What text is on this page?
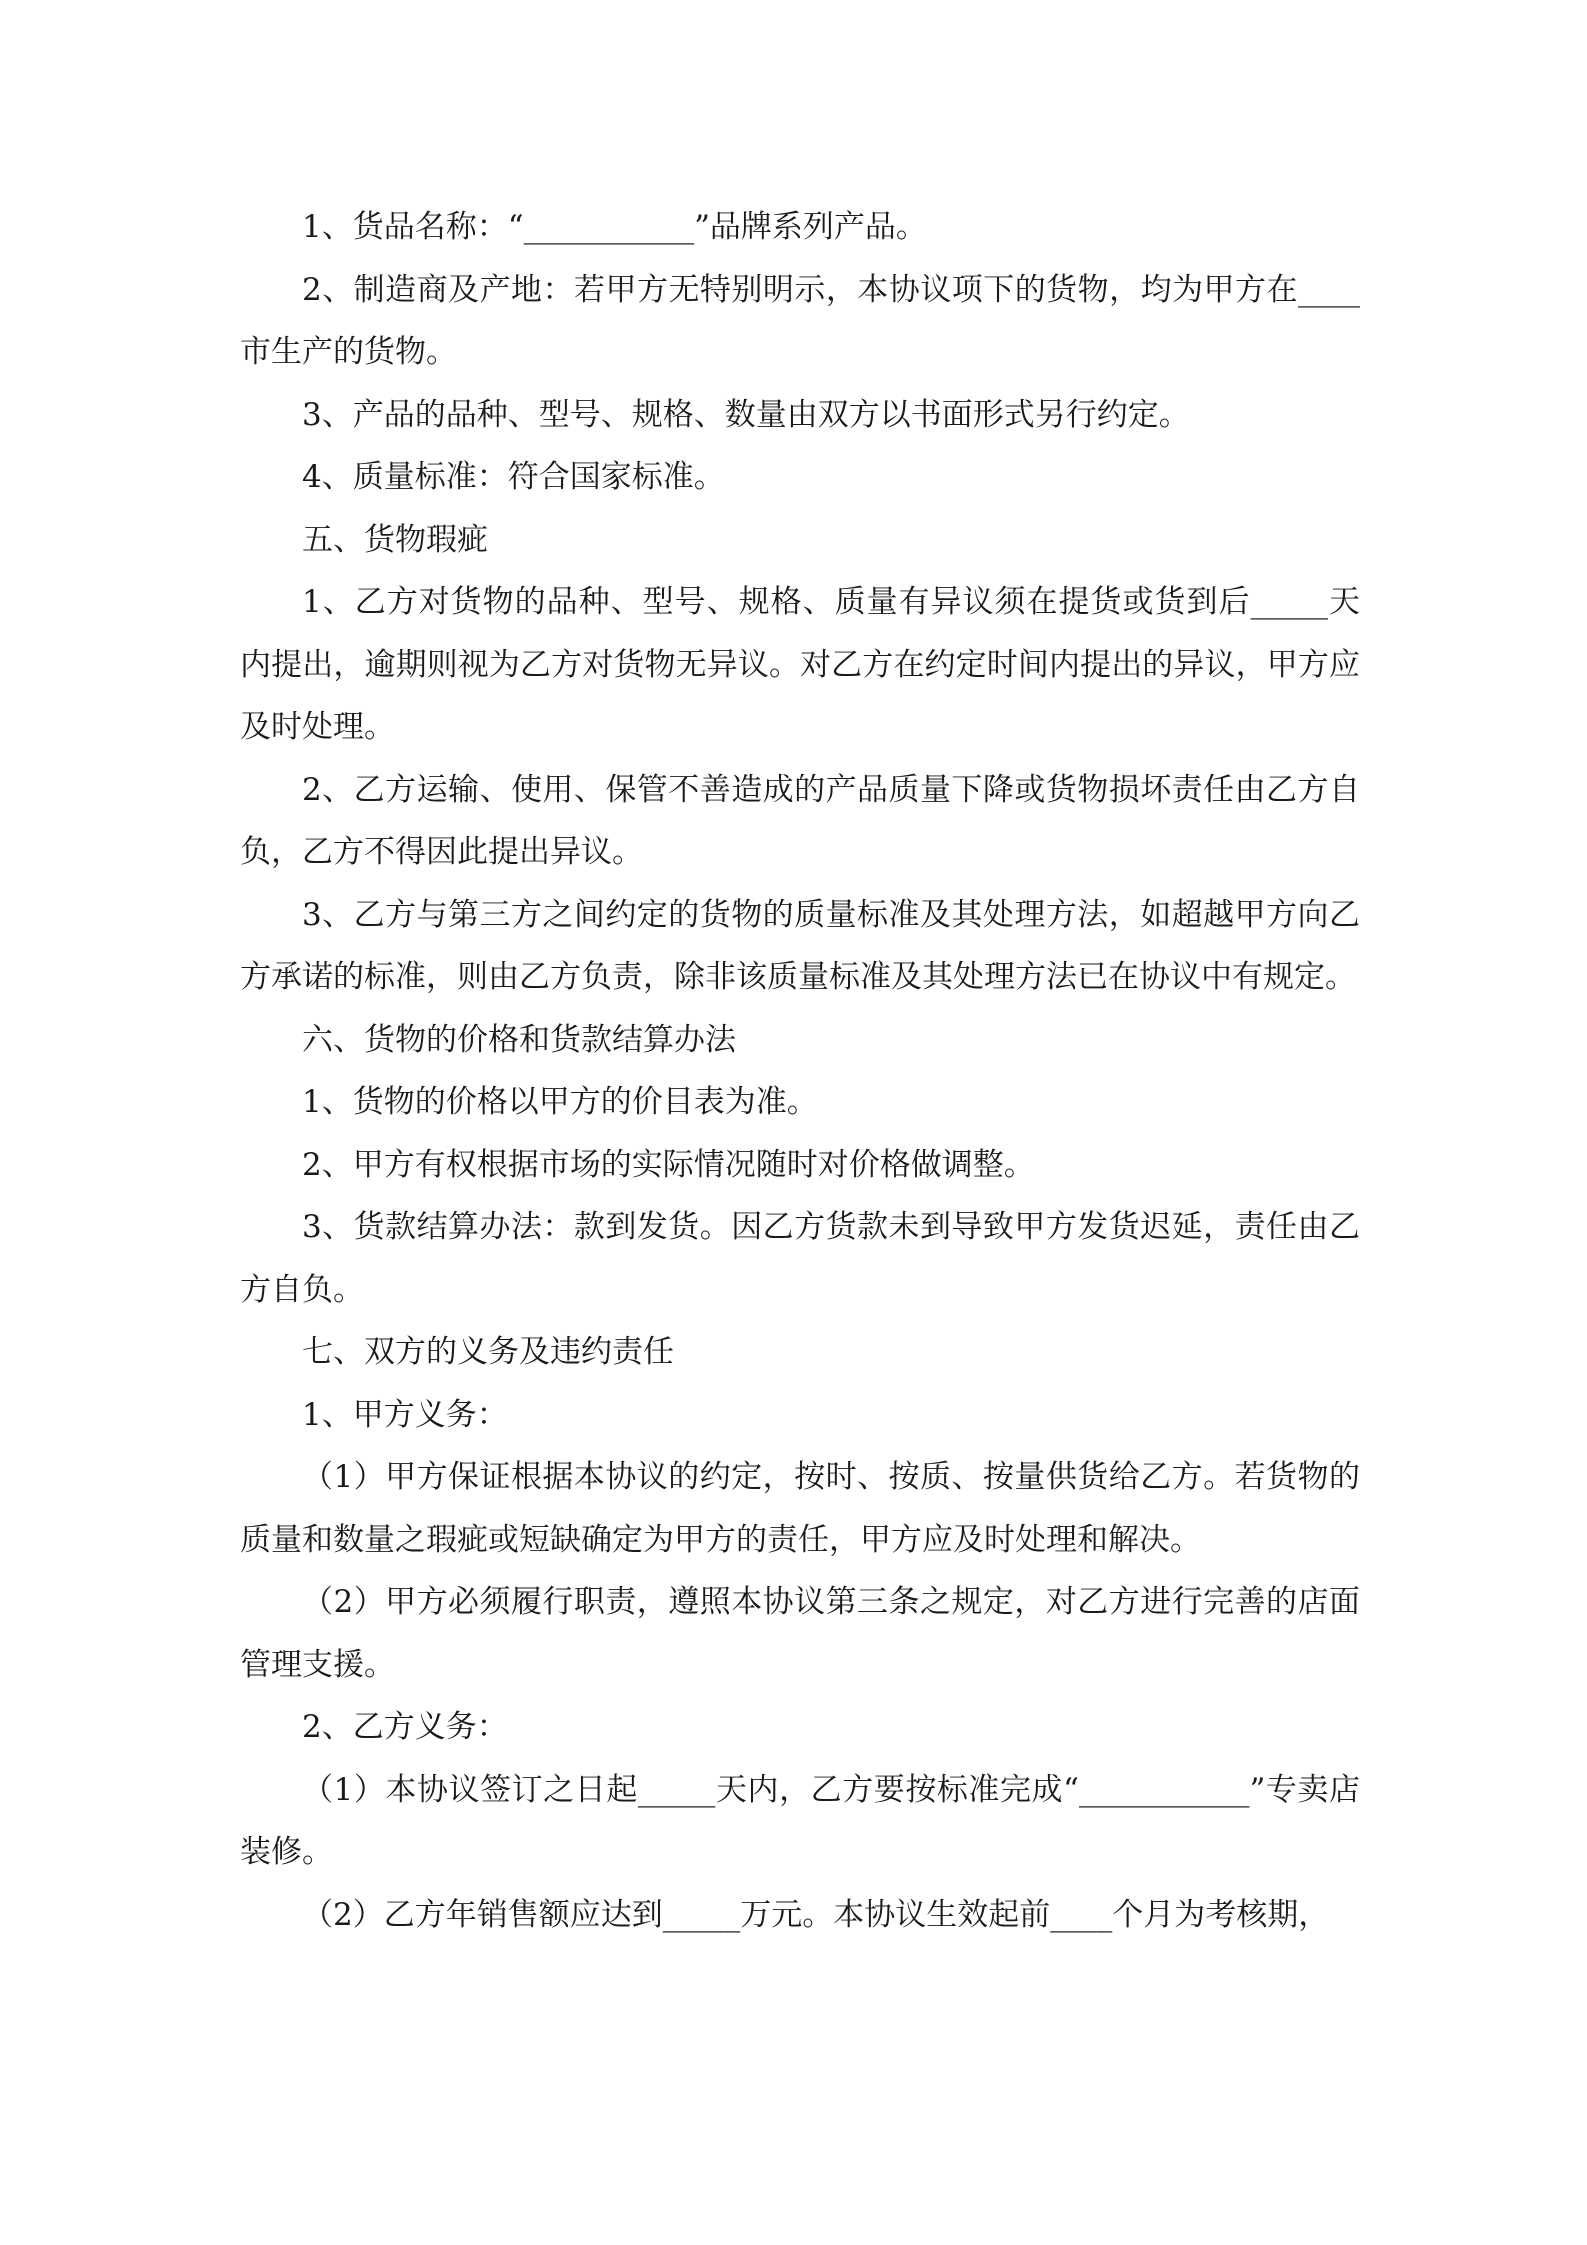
1、货品名称：“___________”品牌系列产品。

2、制造商及产地：若甲方无特别明示，本协议项下的货物，均为甲方在____市生产的货物。

3、产品的品种、型号、规格、数量由双方以书面形式另行约定。

4、质量标准：符合国家标准。

五、货物瑕疵

1、乙方对货物的品种、型号、规格、质量有异议须在提货或货到后_____天内提出，逾期则视为乙方对货物无异议。对乙方在约定时间内提出的异议，甲方应及时处理。

2、乙方运输、使用、保管不善造成的产品质量下降或货物损坏责任由乙方自负，乙方不得因此提出异议。

3、乙方与第三方之间约定的货物的质量标准及其处理方法，如超越甲方向乙方承诺的标准，则由乙方负责，除非该质量标准及其处理方法已在协议中有规定。

六、货物的价格和货款结算办法

1、货物的价格以甲方的价目表为准。

2、甲方有权根据市场的实际情况随时对价格做调整。

3、货款结算办法：款到发货。因乙方货款未到导致甲方发货迟延，责任由乙方自负。

七、双方的义务及违约责任

1、甲方义务：

（1）甲方保证根据本协议的约定，按时、按质、按量供货给乙方。若货物的质量和数量之瑕疵或短缺确定为甲方的责任，甲方应及时处理和解决。

（2）甲方必须履行职责，遵照本协议第三条之规定，对乙方进行完善的店面管理支援。

2、乙方义务：

（1）本协议签订之日起_____天内，乙方要按标准完成“___________”专卖店装修。

（2）乙方年销售额应达到_____万元。本协议生效起前____个月为考核期，
